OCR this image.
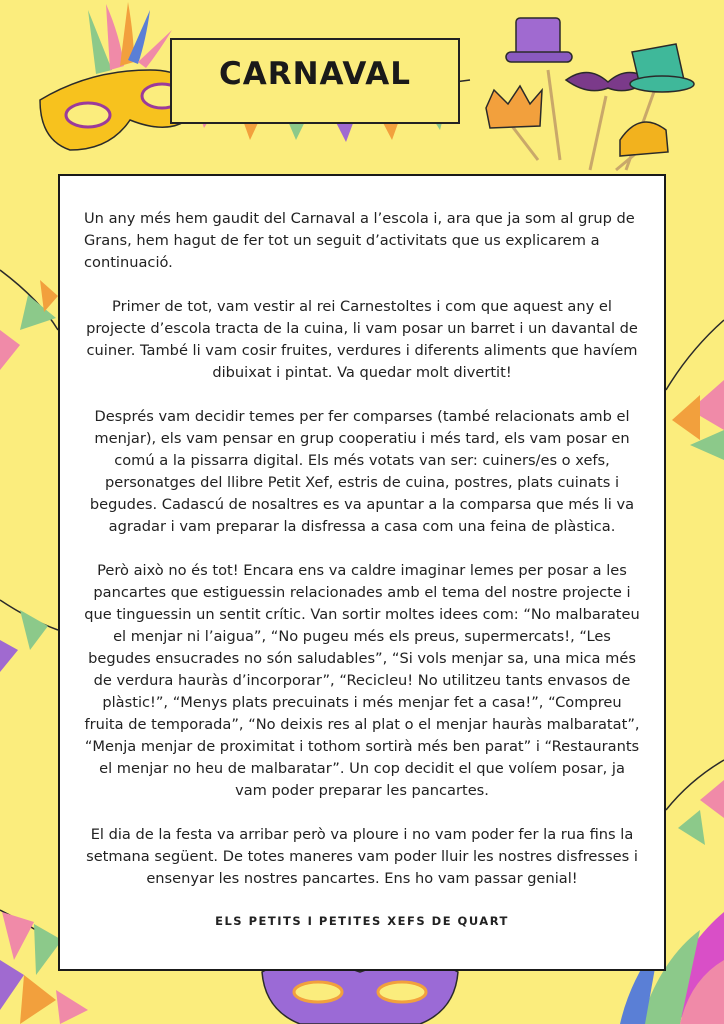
CARNAVAL

Un any més hem gaudit del Carnaval a l’escola i, ara que ja som al grup de Grans, hem hagut de fer tot un seguit d’activitats que us explicarem a continuació.

Primer de tot, vam vestir al rei Carnestoltes i com que aquest any el projecte d’escola tracta de la cuina, li vam posar un barret i un davantal de cuiner. També li vam cosir fruites, verdures i diferents aliments que havíem dibuixat i pintat. Va quedar molt divertit!

Després vam decidir temes per fer comparses (també relacionats amb el menjar), els vam pensar en grup cooperatiu i més tard, els vam posar en comú a la pissarra digital. Els més votats van ser: cuiners/es o xefs, personatges del llibre Petit Xef, estris de cuina, postres, plats cuinats i begudes. Cadascú de nosaltres es va apuntar a la comparsa que més li va agradar i vam preparar la disfressa a casa com una feina de plàstica.

Però això no és tot! Encara ens va caldre imaginar lemes per posar a les pancartes que estiguessin relacionades amb el tema del nostre projecte i que tinguessin un sentit crític. Van sortir moltes idees com: “No malbarateu el menjar ni l’aigua”, “No pugeu més els preus, supermercats!, “Les begudes ensucrades no són saludables”, “Si vols menjar sa, una mica més de verdura hauràs d’incorporar”, “Recicleu! No utilitzeu tants envasos de plàstic!”, “Menys plats precuinats i més menjar fet a casa!”, “Compreu fruita de temporada”, “No deixis res al plat o el menjar hauràs malbaratat”, “Menja menjar de proximitat i tothom sortirà més ben parat” i “Restaurants el menjar no heu de malbaratar”. Un cop decidit el que volíem posar, ja vam poder preparar les pancartes.

El dia de la festa va arribar però va ploure i no vam poder fer la rua fins la setmana següent. De totes maneres vam poder lluir les nostres disfresses i ensenyar les nostres pancartes. Ens ho vam passar genial!

ELS PETITS I PETITES XEFS DE QUART
